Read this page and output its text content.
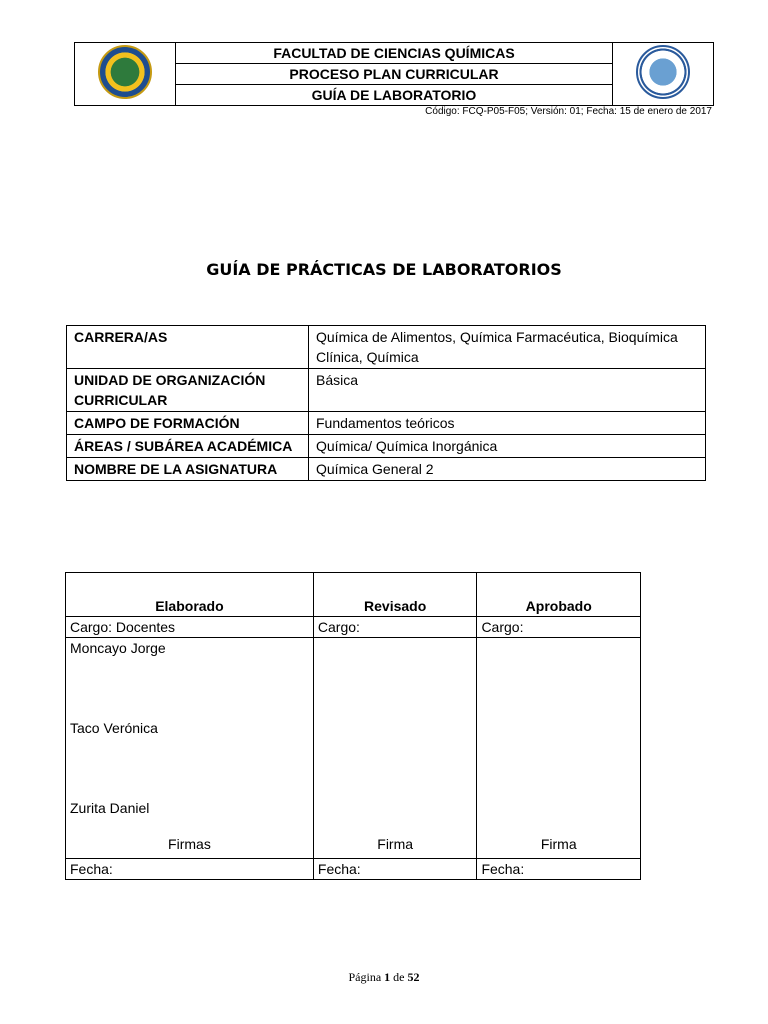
	FACULTAD DE CIENCIAS QUÍMICAS	
PROCESO PLAN CURRICULAR
GUÍA DE LABORATORIO
Código: FCQ-P05-F05; Versión: 01; Fecha: 15 de enero de 2017
GUÍA DE PRÁCTICAS DE LABORATORIOS
CARRERA/AS	Química de Alimentos, Química Farmacéutica, Bioquímica Clínica, Química
UNIDAD DE ORGANIZACIÓN CURRICULAR	Básica
CAMPO DE FORMACIÓN	Fundamentos teóricos
ÁREAS / SUBÁREA ACADÉMICA	Química/ Química Inorgánica
NOMBRE DE LA ASIGNATURA	Química General 2
Elaborado	Revisado	Aprobado
Cargo: Docentes	Cargo:	Cargo:

Moncayo Jorge
Taco Verónica
Zurita Daniel
Firmas	Firma	Firma

Fecha:	Fecha:	Fecha:
Página 1 de 52
